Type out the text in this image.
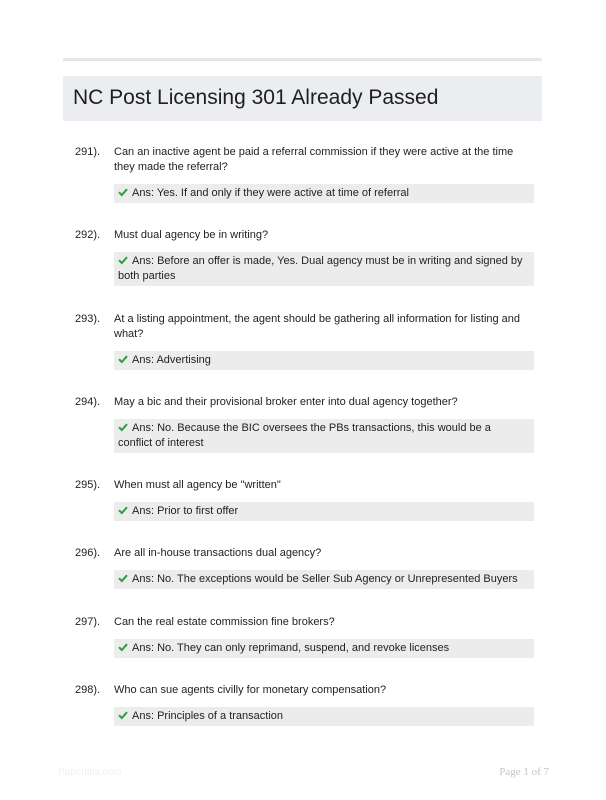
NC Post Licensing 301 Already Passed
291). Can an inactive agent be paid a referral commission if they were active at the time they made the referral?
Ans: Yes. If and only if they were active at time of referral
292). Must dual agency be in writing?
Ans: Before an offer is made, Yes. Dual agency must be in writing and signed by both parties
293). At a listing appointment, the agent should be gathering all information for listing and what?
Ans: Advertising
294). May a bic and their provisional broker enter into dual agency together?
Ans: No. Because the BIC oversees the PBs transactions, this would be a conflict of interest
295). When must all agency be "written"
Ans: Prior to first offer
296). Are all in-house transactions dual agency?
Ans: No. The exceptions would be Seller Sub Agency or Unrepresented Buyers
297). Can the real estate commission fine brokers?
Ans: No. They can only reprimand, suspend, and revoke licenses
298). Who can sue agents civilly for monetary compensation?
Ans: Principles of a transaction
Paperlibs.com	Page 1 of 7
